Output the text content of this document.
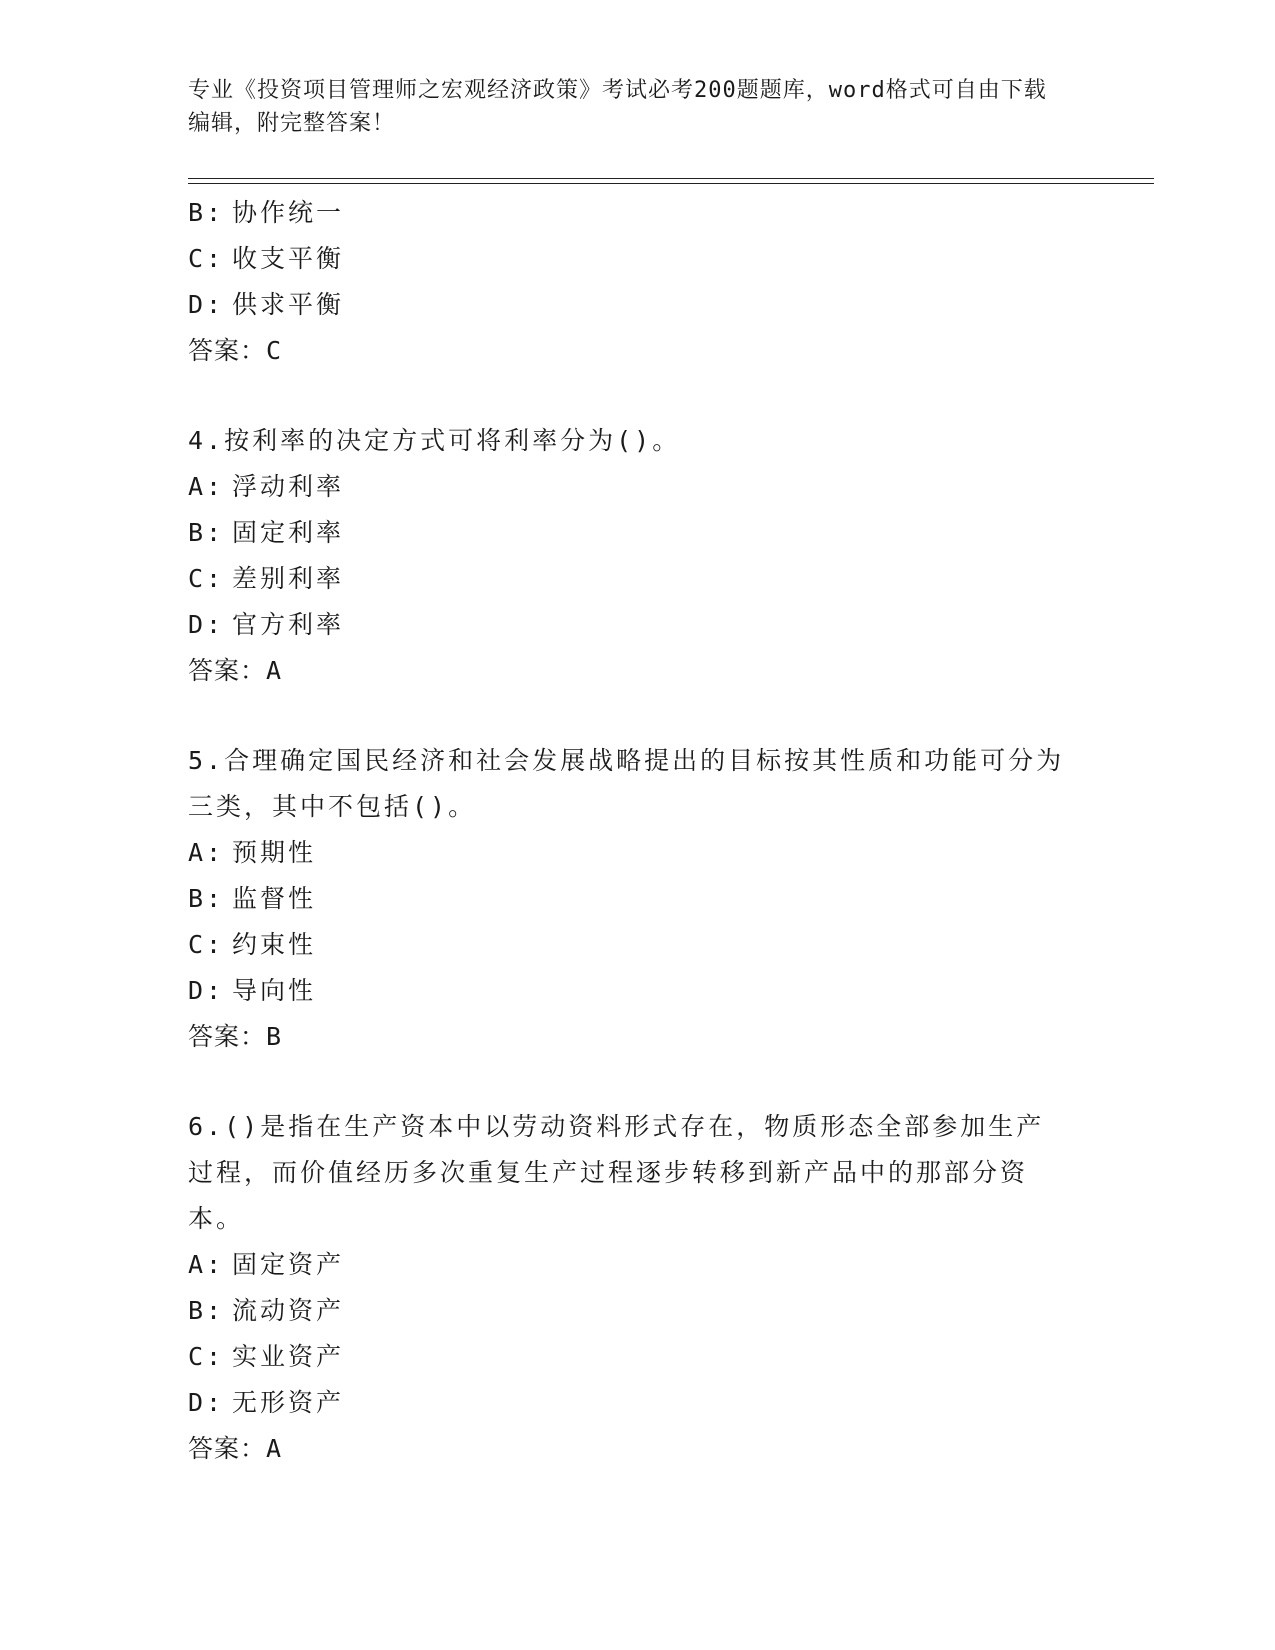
专业《投资项目管理师之宏观经济政策》考试必考200题题库，word格式可自由下载编辑，附完整答案！
B: 协作统一
C: 收支平衡
D: 供求平衡
答案：C
4.按利率的决定方式可将利率分为()。
A: 浮动利率
B: 固定利率
C: 差别利率
D: 官方利率
答案：A
5.合理确定国民经济和社会发展战略提出的目标按其性质和功能可分为三类，其中不包括()。
A: 预期性
B: 监督性
C: 约束性
D: 导向性
答案：B
6.()是指在生产资本中以劳动资料形式存在，物质形态全部参加生产过程，而价值经历多次重复生产过程逐步转移到新产品中的那部分资本。
A: 固定资产
B: 流动资产
C: 实业资产
D: 无形资产
答案：A
